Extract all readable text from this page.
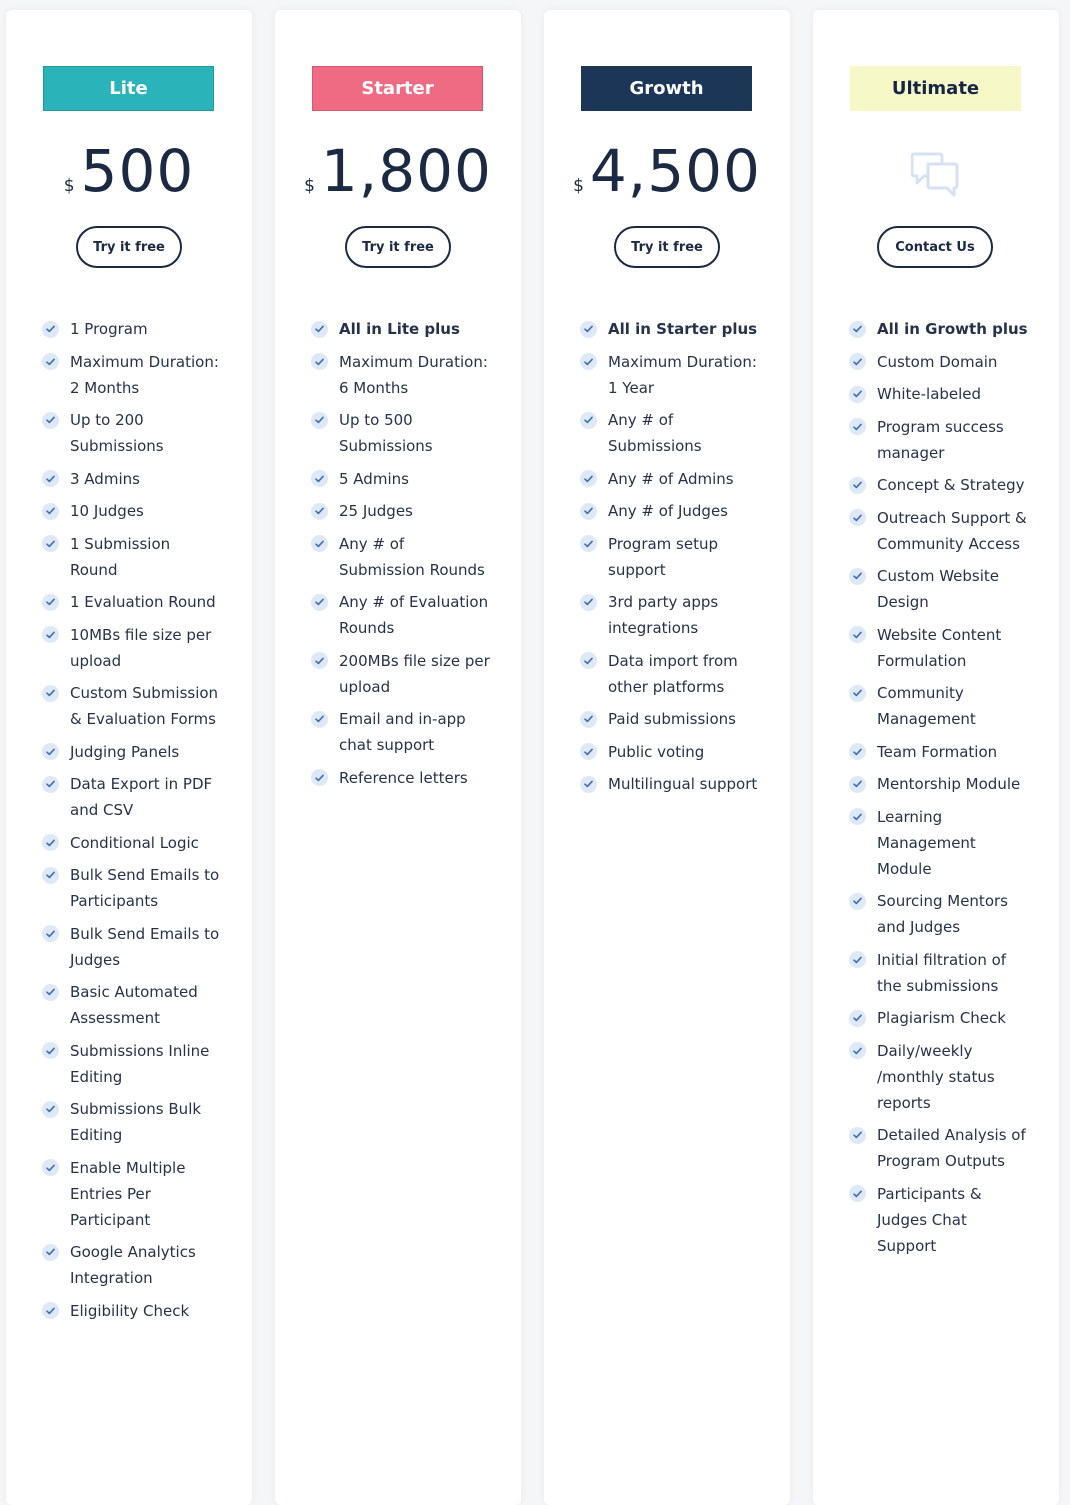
Lite
$ 500
Try it free
1 Program
Maximum Duration: 2 Months
Up to 200 Submissions
3 Admins
10 Judges
1 Submission Round
1 Evaluation Round
10MBs file size per upload
Custom Submission & Evaluation Forms
Judging Panels
Data Export in PDF and CSV
Conditional Logic
Bulk Send Emails to Participants
Bulk Send Emails to Judges
Basic Automated Assessment
Submissions Inline Editing
Submissions Bulk Editing
Enable Multiple Entries Per Participant
Google Analytics Integration
Eligibility Check
Starter
$ 1,800
Try it free
All in Lite plus
Maximum Duration: 6 Months
Up to 500 Submissions
5 Admins
25 Judges
Any # of Submission Rounds
Any # of Evaluation Rounds
200MBs file size per upload
Email and in-app chat support
Reference letters
Growth
$ 4,500
Try it free
All in Starter plus
Maximum Duration: 1 Year
Any # of Submissions
Any # of Admins
Any # of Judges
Program setup support
3rd party apps integrations
Data import from other platforms
Paid submissions
Public voting
Multilingual support
Ultimate
Contact Us
All in Growth plus
Custom Domain
White-labeled
Program success manager
Concept & Strategy
Outreach Support & Community Access
Custom Website Design
Website Content Formulation
Community Management
Team Formation
Mentorship Module
Learning Management Module
Sourcing Mentors and Judges
Initial filtration of the submissions
Plagiarism Check
Daily/weekly /monthly status reports
Detailed Analysis of Program Outputs
Participants & Judges Chat Support
